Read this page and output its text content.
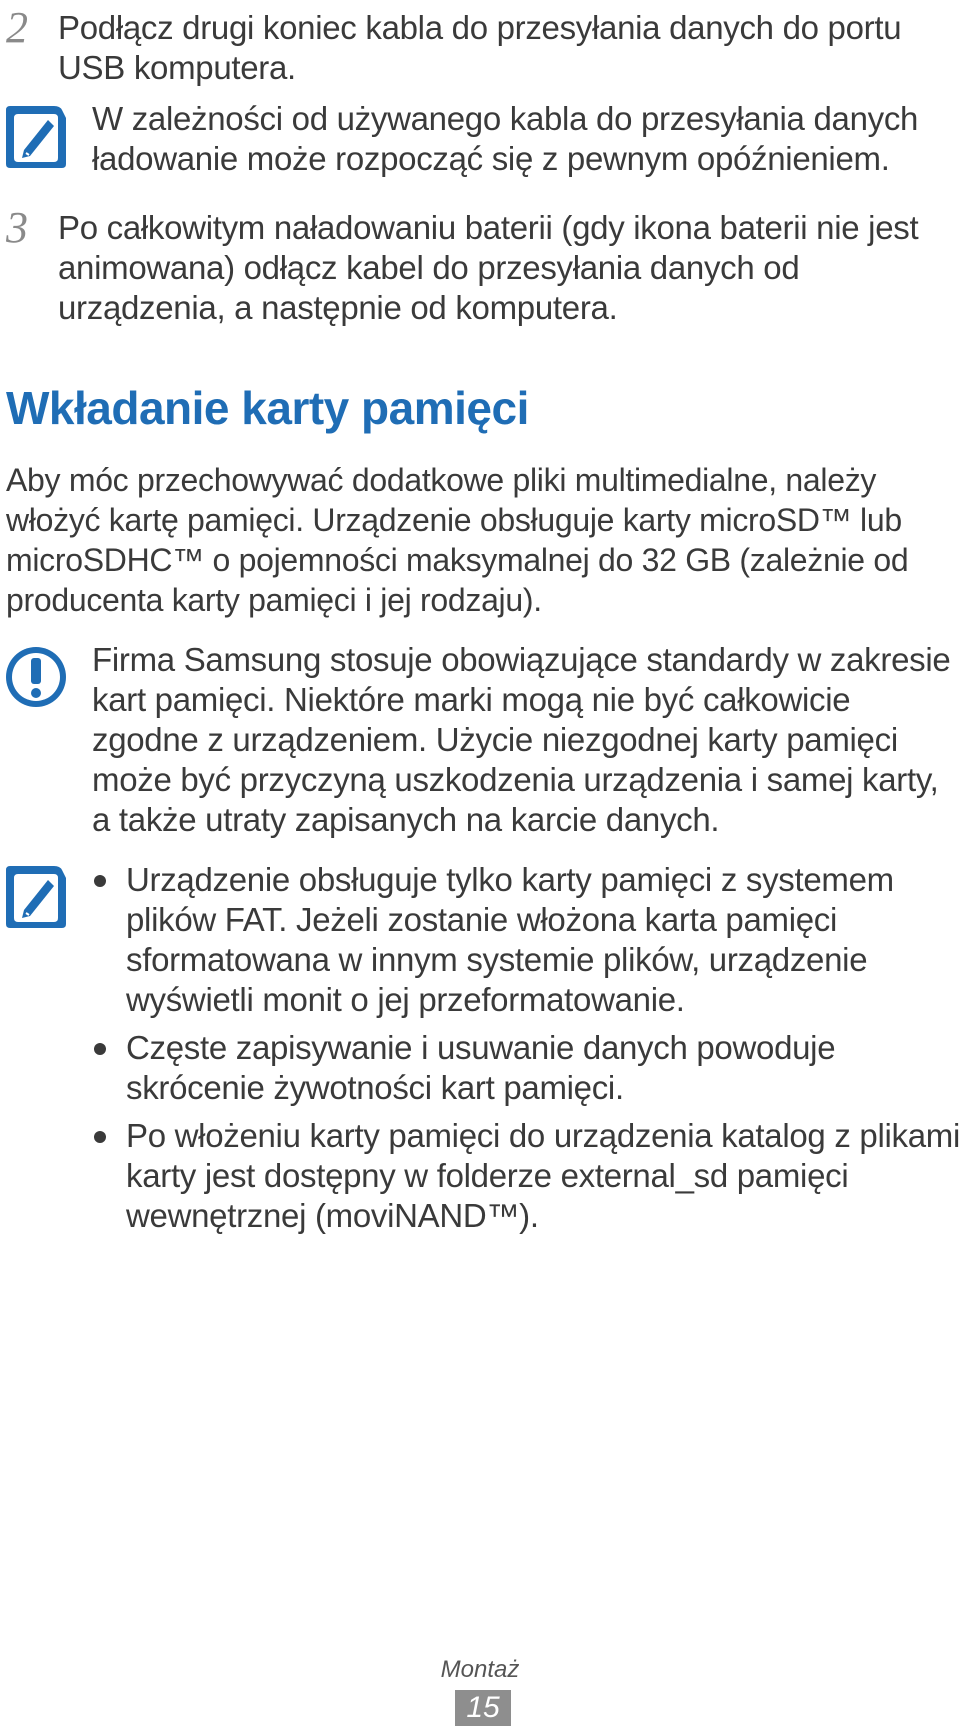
2 Podłącz drugi koniec kabla do przesyłania danych do portu USB komputera.
W zależności od używanego kabla do przesyłania danych ładowanie może rozpocząć się z pewnym opóźnieniem.
3 Po całkowitym naładowaniu baterii (gdy ikona baterii nie jest animowana) odłącz kabel do przesyłania danych od urządzenia, a następnie od komputera.
Wkładanie karty pamięci
Aby móc przechowywać dodatkowe pliki multimedialne, należy włożyć kartę pamięci. Urządzenie obsługuje karty microSD™ lub microSDHC™ o pojemności maksymalnej do 32 GB (zależnie od producenta karty pamięci i jej rodzaju).
Firma Samsung stosuje obowiązujące standardy w zakresie kart pamięci. Niektóre marki mogą nie być całkowicie zgodne z urządzeniem. Użycie niezgodnej karty pamięci może być przyczyną uszkodzenia urządzenia i samej karty, a także utraty zapisanych na karcie danych.
Urządzenie obsługuje tylko karty pamięci z systemem plików FAT. Jeżeli zostanie włożona karta pamięci sformatowana w innym systemie plików, urządzenie wyświetli monit o jej przeformatowanie.
Częste zapisywanie i usuwanie danych powoduje skrócenie żywotności kart pamięci.
Po włożeniu karty pamięci do urządzenia katalog z plikami karty jest dostępny w folderze external_sd pamięci wewnętrznej (moviNAND™).
Montaż
15
